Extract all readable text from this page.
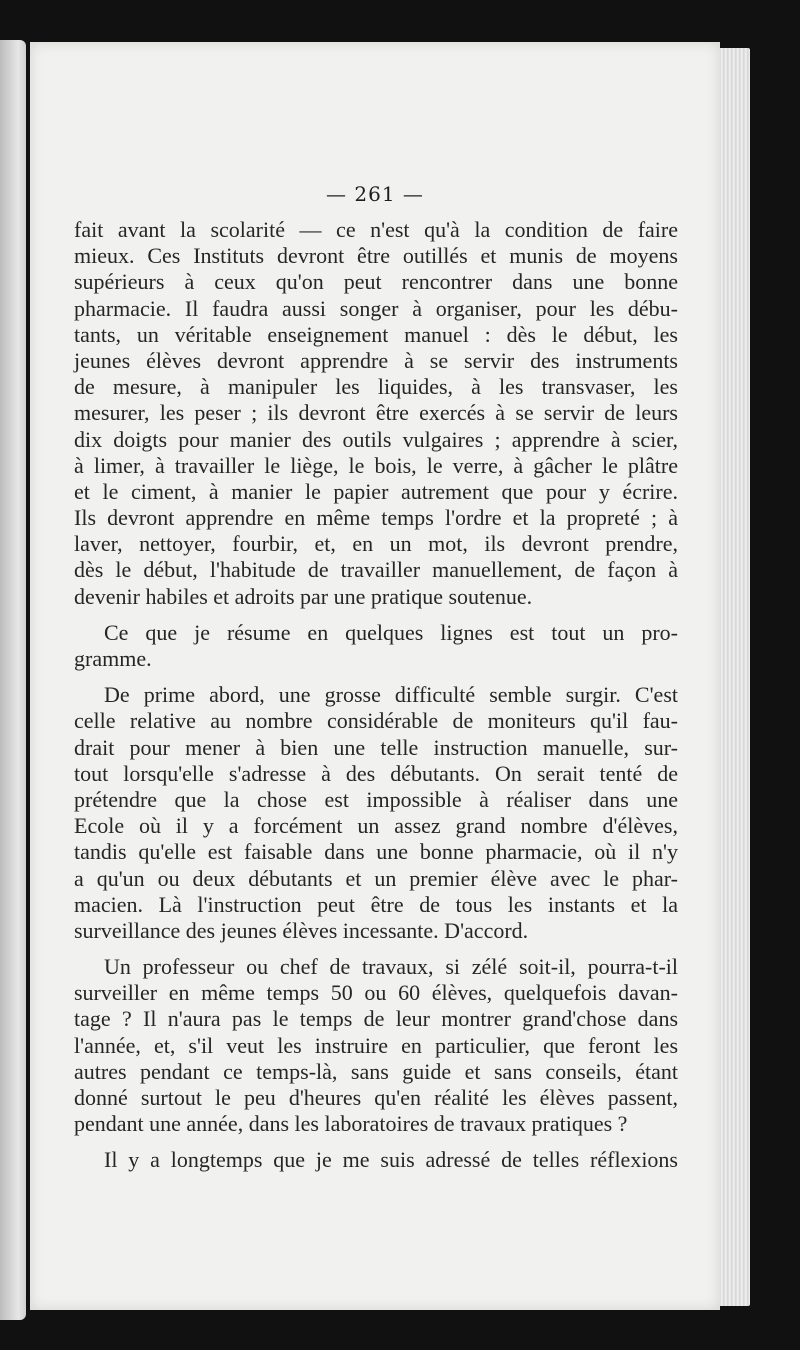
— 261 —
fait avant la scolarité — ce n'est qu'à la condition de faire
mieux. Ces Instituts devront être outillés et munis de moyens
supérieurs à ceux qu'on peut rencontrer dans une bonne
pharmacie. Il faudra aussi songer à organiser, pour les débu-
tants, un véritable enseignement manuel : dès le début, les
jeunes élèves devront apprendre à se servir des instruments
de mesure, à manipuler les liquides, à les transvaser, les
mesurer, les peser ; ils devront être exercés à se servir de leurs
dix doigts pour manier des outils vulgaires ; apprendre à scier,
à limer, à travailler le liège, le bois, le verre, à gâcher le plâtre
et le ciment, à manier le papier autrement que pour y écrire.
Ils devront apprendre en même temps l'ordre et la propreté ; à
laver, nettoyer, fourbir, et, en un mot, ils devront prendre,
dès le début, l'habitude de travailler manuellement, de façon à
devenir habiles et adroits par une pratique soutenue.
Ce que je résume en quelques lignes est tout un pro-
gramme.
De prime abord, une grosse difficulté semble surgir. C'est
celle relative au nombre considérable de moniteurs qu'il fau-
drait pour mener à bien une telle instruction manuelle, sur-
tout lorsqu'elle s'adresse à des débutants. On serait tenté de
prétendre que la chose est impossible à réaliser dans une
Ecole où il y a forcément un assez grand nombre d'élèves,
tandis qu'elle est faisable dans une bonne pharmacie, où il n'y
a qu'un ou deux débutants et un premier élève avec le phar-
macien. Là l'instruction peut être de tous les instants et la
surveillance des jeunes élèves incessante. D'accord.
Un professeur ou chef de travaux, si zélé soit-il, pourra-t-il
surveiller en même temps 50 ou 60 élèves, quelquefois davan-
tage ? Il n'aura pas le temps de leur montrer grand'chose dans
l'année, et, s'il veut les instruire en particulier, que feront les
autres pendant ce temps-là, sans guide et sans conseils, étant
donné surtout le peu d'heures qu'en réalité les élèves passent,
pendant une année, dans les laboratoires de travaux pratiques ?
Il y a longtemps que je me suis adressé de telles réflexions
